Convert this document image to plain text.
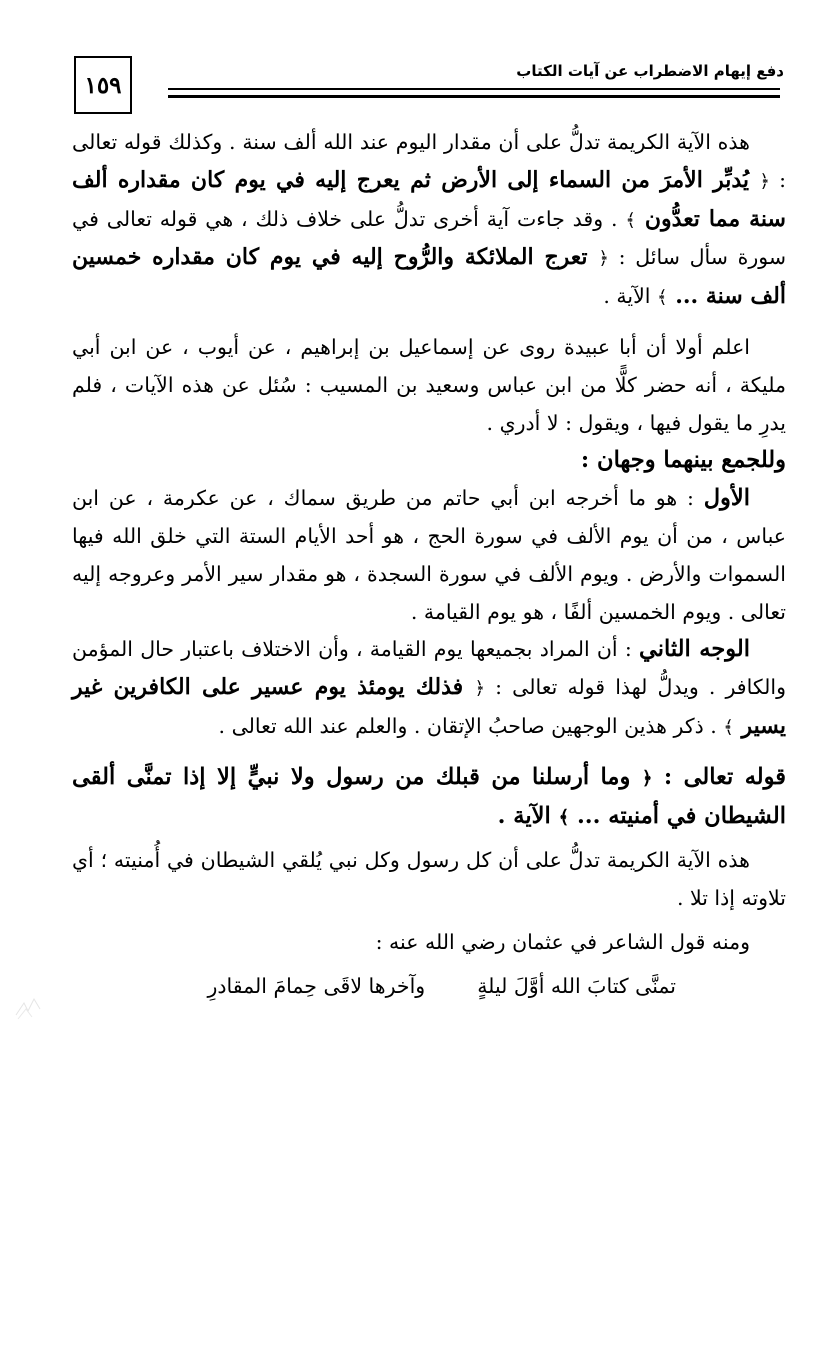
١٥٩
دفع إيهام الاضطراب عن آيات الكتاب

هذه الآية الكريمة تدلُّ على أن مقدار اليوم عند الله ألف سنة . وكذلك قوله تعالى : ﴿ يُدبِّر الأمرَ من السماء إلى الأرض ثم يعرج إليه في يوم كان مقداره ألف سنة مما تعدُّون ﴾ . وقد جاءت آية أخرى تدلُّ على خلاف ذلك ، هي قوله تعالى في سورة سأل سائل : ﴿ تعرج الملائكة والرُّوح إليه في يوم كان مقداره خمسين ألف سنة ... ﴾ الآية .

اعلم أولا أن أبا عبيدة روى عن إسماعيل بن إبراهيم ، عن أيوب ، عن ابن أبي مليكة ، أنه حضر كلًّا من ابن عباس وسعيد بن المسيب : سُئل عن هذه الآيات ، فلم يدرِ ما يقول فيها ، ويقول : لا أدري .

وللجمع بينهما وجهان :

الأول : هو ما أخرجه ابن أبي حاتم من طريق سماك ، عن عكرمة ، عن ابن عباس ، من أن يوم الألف في سورة الحج ، هو أحد الأيام الستة التي خلق الله فيها السموات والأرض . ويوم الألف في سورة السجدة ، هو مقدار سير الأمر وعروجه إليه تعالى . ويوم الخمسين ألفًا ، هو يوم القيامة .

الوجه الثاني : أن المراد بجميعها يوم القيامة ، وأن الاختلاف باعتبار حال المؤمن والكافر . ويدلُّ لهذا قوله تعالى : ﴿ فذلك يومئذ يوم عسير على الكافرين غير يسير ﴾ . ذكر هذين الوجهين صاحبُ الإتقان . والعلم عند الله تعالى .

قوله تعالى : ﴿ وما أرسلنا من قبلك من رسول ولا نبيٍّ إلا إذا تمنَّى ألقى الشيطان في أمنيته ... ﴾ الآية .

هذه الآية الكريمة تدلُّ على أن كل رسول وكل نبي يُلقي الشيطان في أُمنيته ؛ أي تلاوته إذا تلا .

ومنه قول الشاعر في عثمان رضي الله عنه :

تمنَّى كتابَ الله أوَّلَ ليلةٍ
وآخرها لاقَى حِمامَ المقادرِ
